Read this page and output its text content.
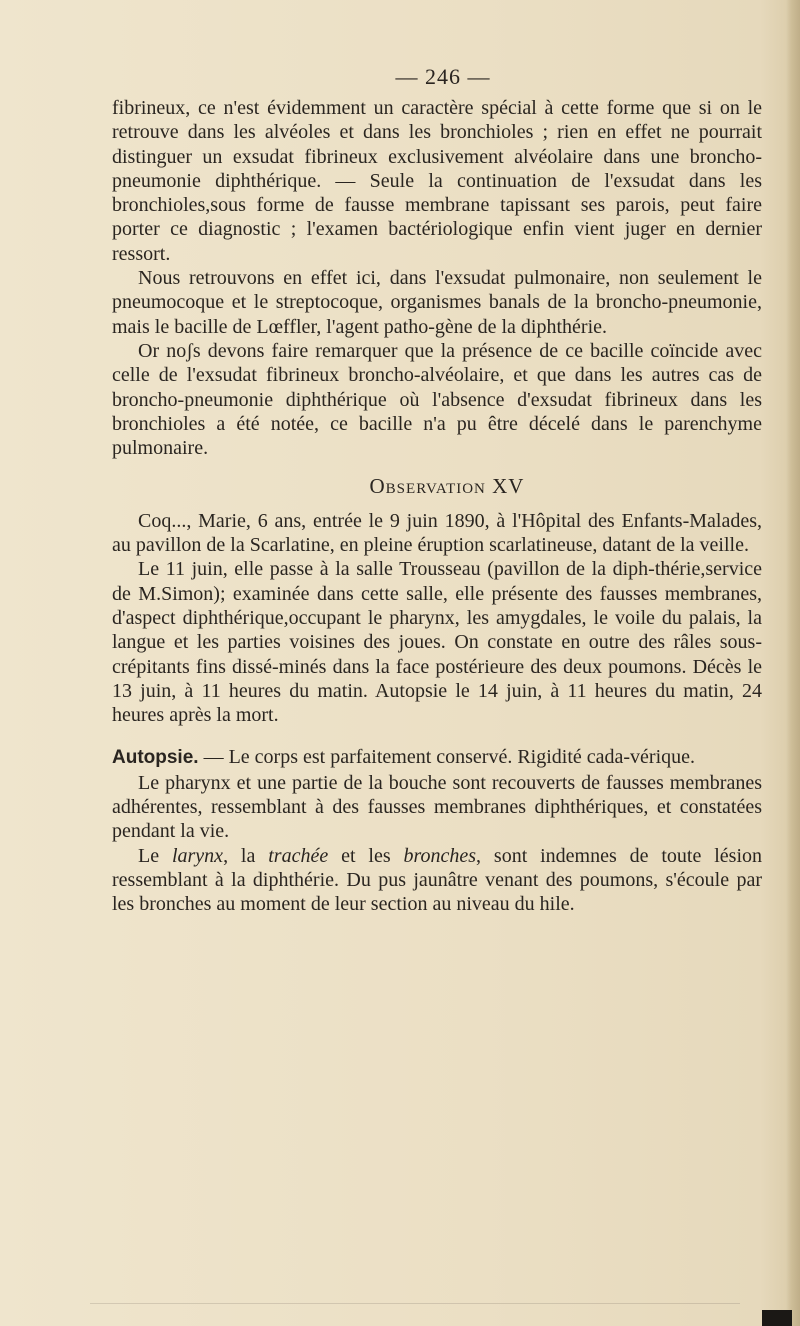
— 246 —

fibrineux, ce n'est évidemment un caractère spécial à cette forme que si on le retrouve dans les alvéoles et dans les bronchioles ; rien en effet ne pourrait distinguer un exsudat fibrineux exclusivement alvéolaire dans une broncho-pneumonie diphthérique. — Seule la continuation de l'exsudat dans les bronchioles,sous forme de fausse membrane tapissant ses parois, peut faire porter ce diagnostic ; l'examen bactériologique enfin vient juger en dernier ressort.

Nous retrouvons en effet ici, dans l'exsudat pulmonaire, non seulement le pneumocoque et le streptocoque, organismes banals de la broncho-pneumonie, mais le bacille de Lœffler, l'agent patho-gène de la diphthérie.

Or noʃs devons faire remarquer que la présence de ce bacille coïncide avec celle de l'exsudat fibrineux broncho-alvéolaire, et que dans les autres cas de broncho-pneumonie diphthérique où l'absence d'exsudat fibrineux dans les bronchioles a été notée, ce bacille n'a pu être décelé dans le parenchyme pulmonaire.

Observation XV

Coq..., Marie, 6 ans, entrée le 9 juin 1890, à l'Hôpital des Enfants-Malades, au pavillon de la Scarlatine, en pleine éruption scarlatineuse, datant de la veille.

Le 11 juin, elle passe à la salle Trousseau (pavillon de la diph-thérie,service de M.Simon); examinée dans cette salle, elle présente des fausses membranes, d'aspect diphthérique,occupant le pharynx, les amygdales, le voile du palais, la langue et les parties voisines des joues. On constate en outre des râles sous-crépitants fins dissé-minés dans la face postérieure des deux poumons. Décès le 13 juin, à 11 heures du matin. Autopsie le 14 juin, à 11 heures du matin, 24 heures après la mort.

Autopsie. — Le corps est parfaitement conservé. Rigidité cada-vérique.

Le pharynx et une partie de la bouche sont recouverts de fausses membranes adhérentes, ressemblant à des fausses membranes diphthériques, et constatées pendant la vie.

Le larynx, la trachée et les bronches, sont indemnes de toute lésion ressemblant à la diphthérie. Du pus jaunâtre venant des poumons, s'écoule par les bronches au moment de leur section au niveau du hile.
